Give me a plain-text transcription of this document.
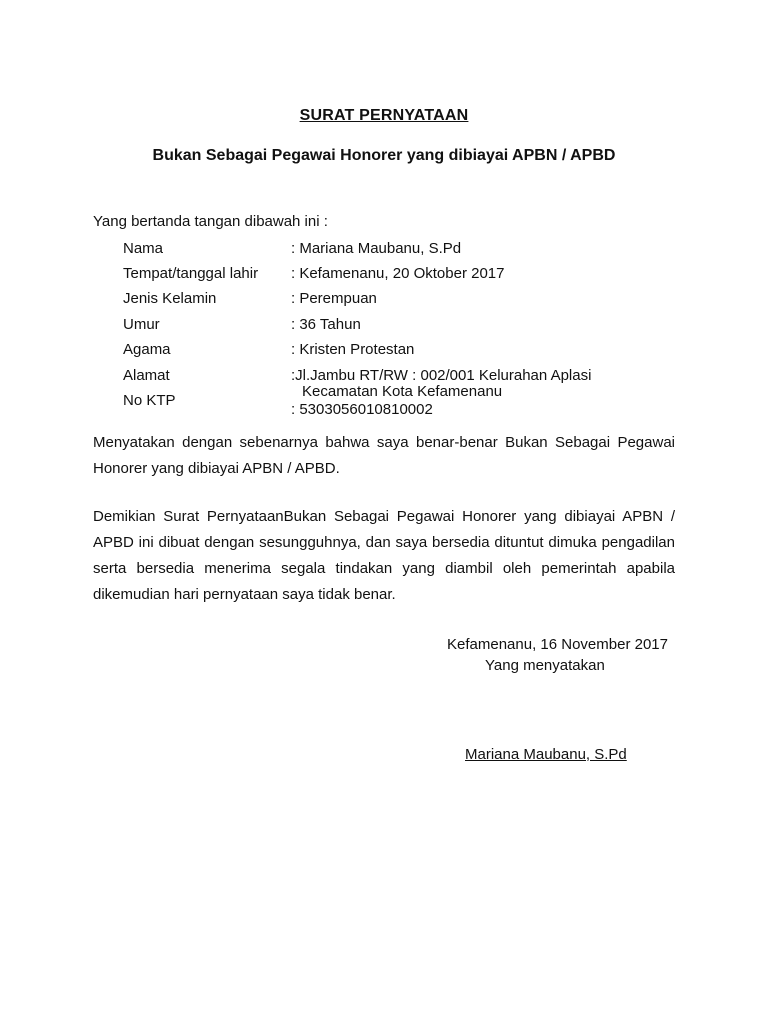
SURAT PERNYATAAN
Bukan Sebagai Pegawai Honorer yang dibiayai APBN / APBD
Yang bertanda tangan dibawah ini :
Nama	: Mariana Maubanu, S.Pd
Tempat/tanggal lahir : Kefamenanu, 20 Oktober 2017
Jenis Kelamin	: Perempuan
Umur	: 36 Tahun
Agama	: Kristen Protestan
Alamat	:Jl.Jambu RT/RW : 002/001 Kelurahan Aplasi
Kecamatan Kota Kefamenanu
No KTP
: 5303056010810002
Menyatakan dengan sebenarnya bahwa saya benar-benar Bukan Sebagai Pegawai Honorer yang dibiayai APBN / APBD.
Demikian Surat PernyataanBukan Sebagai Pegawai Honorer yang dibiayai APBN / APBD ini dibuat dengan sesungguhnya, dan saya bersedia dituntut dimuka pengadilan serta bersedia menerima segala tindakan yang diambil oleh pemerintah apabila dikemudian hari pernyataan saya tidak benar.
Kefamenanu, 16 November 2017
Yang menyatakan
Mariana Maubanu, S.Pd
